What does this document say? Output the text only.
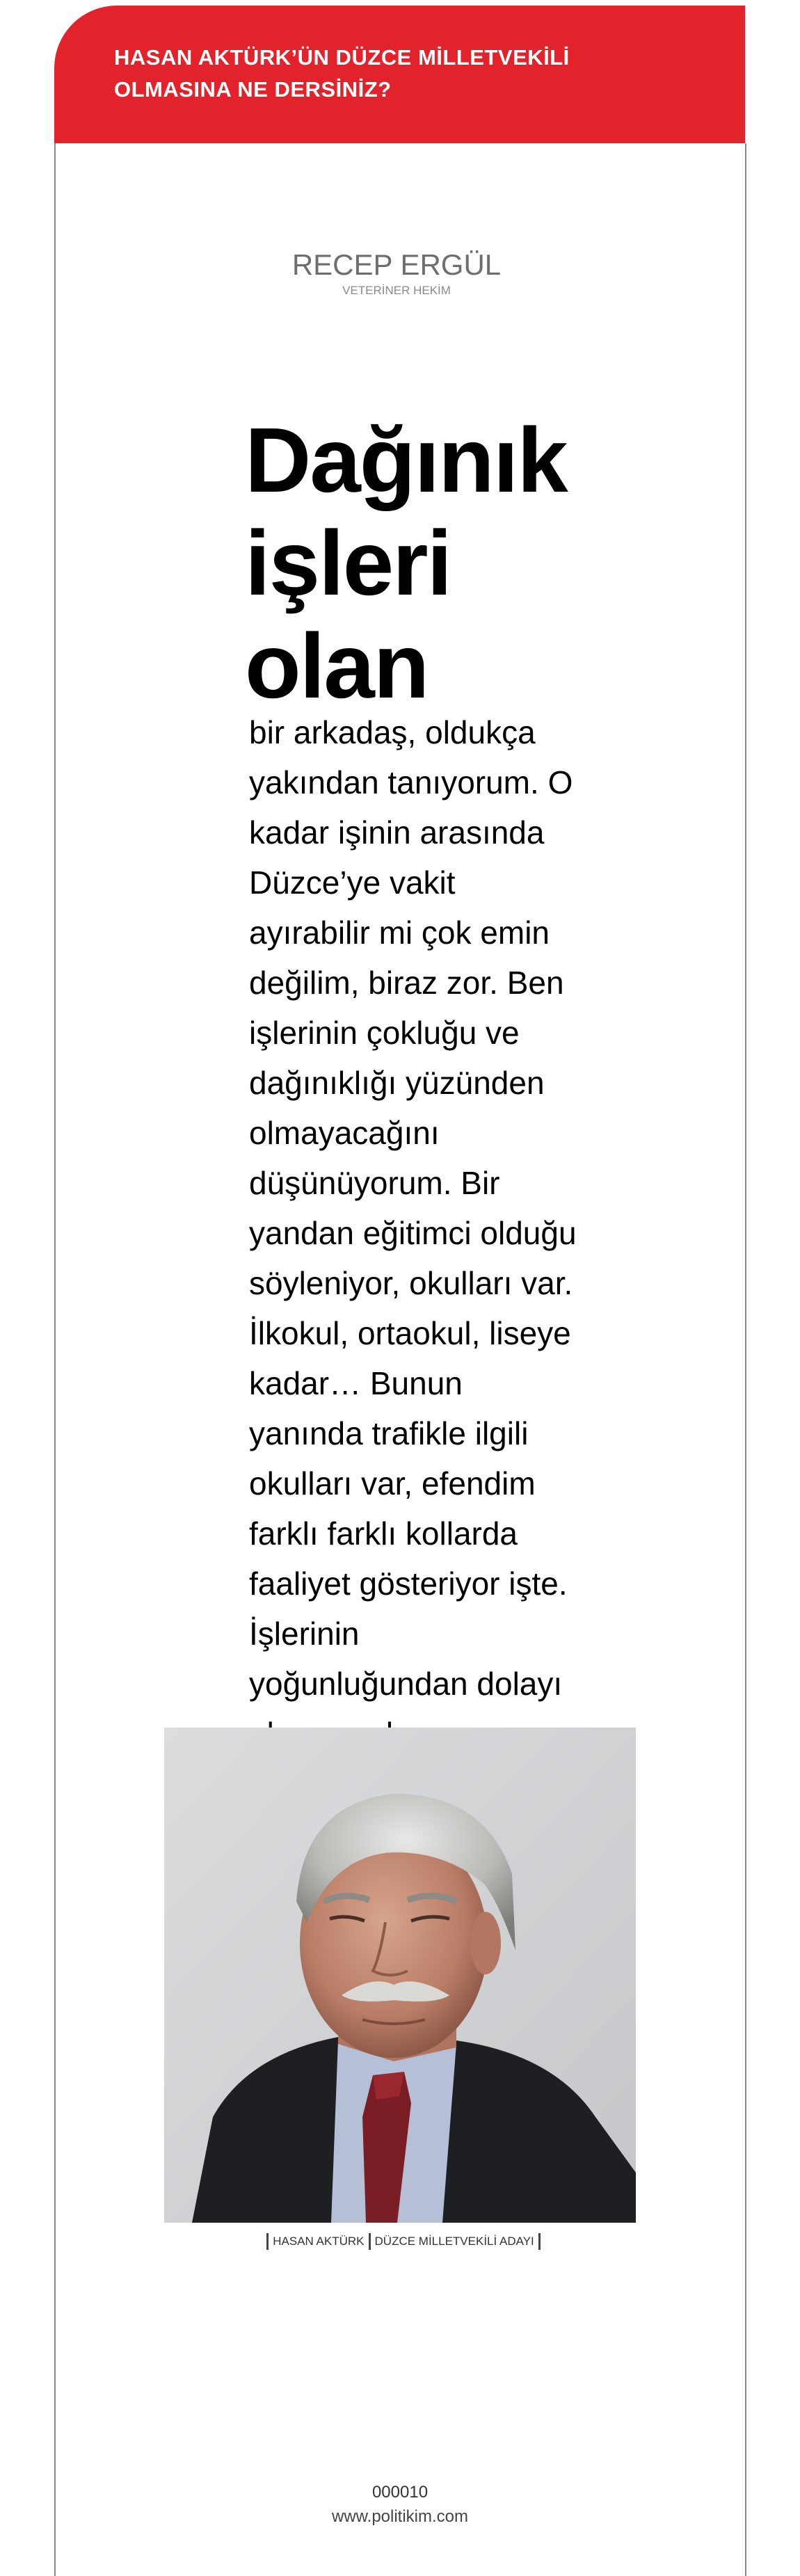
HASAN AKTÜRK’ÜN DÜZCE MİLLETVEKİLİ OLMASINA NE DERSİNİZ?
RECEP ERGÜL
VETERİNER HEKİM
Dağınık işleri olan
bir arkadaş, oldukça yakından tanıyorum. O kadar işinin arasında Düzce’ye vakit ayırabilir mi çok emin değilim, biraz zor. Ben işlerinin çokluğu ve dağınıklığı yüzünden olmayacağını düşünüyorum. Bir yandan eğitimci olduğu söyleniyor, okulları var. İlkokul, ortaokul, liseye kadar… Bunun yanında trafikle ilgili okulları var, efendim farklı farklı kollarda faaliyet gösteriyor işte. İşlerinin yoğunluğundan dolayı
HASAN AKTÜRK DÜZCE MİLLETVEKİLİ ADAYI
000010
www.politikim.com
